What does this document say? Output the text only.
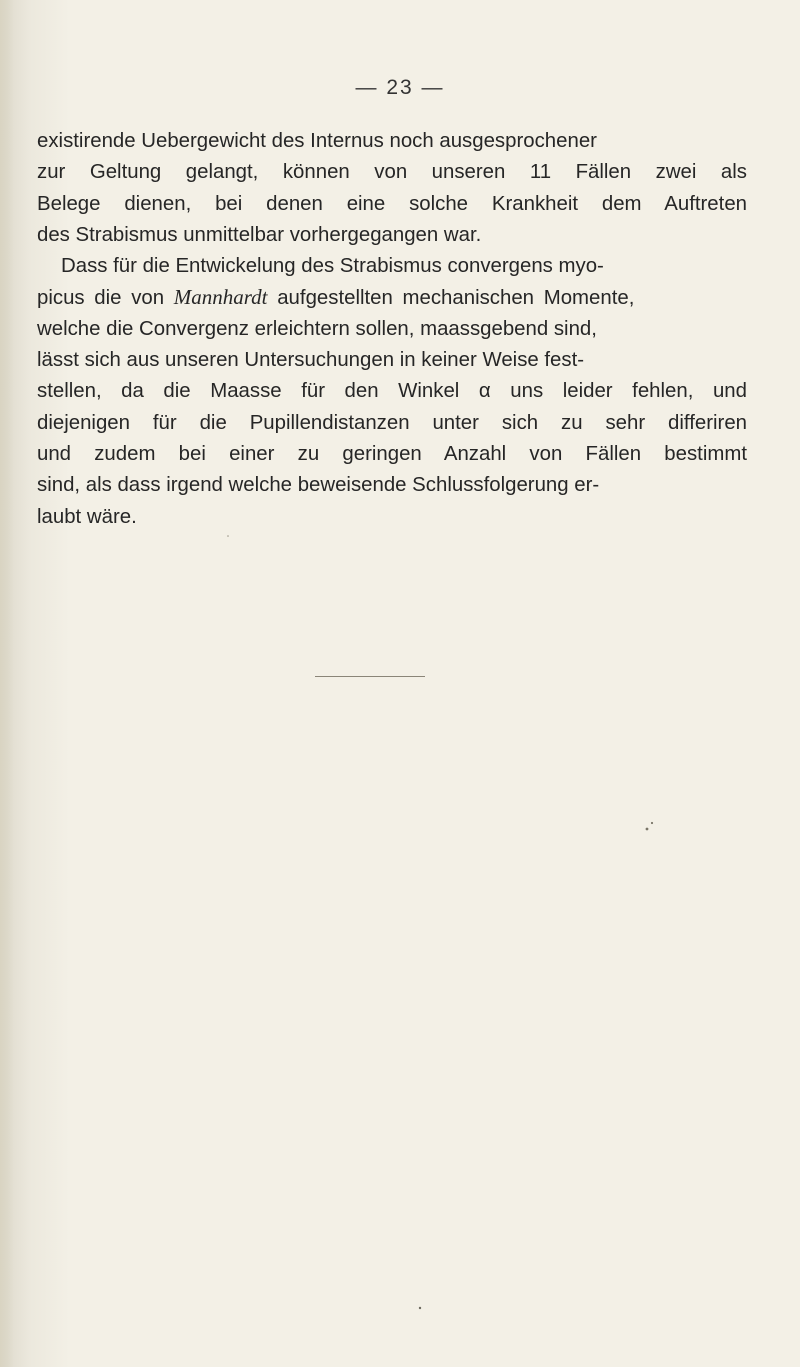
— 23 —
existirende Uebergewicht des Internus noch ausgesprochener
zur Geltung gelangt, können von unseren 11 Fällen zwei als
Belege dienen, bei denen eine solche Krankheit dem Auftreten
des Strabismus unmittelbar vorhergegangen war.
Dass für die Entwickelung des Strabismus convergens myo-
picus die von Mannhardt aufgestellten mechanischen Momente,
welche die Convergenz erleichtern sollen, maassgebend sind,
lässt sich aus unseren Untersuchungen in keiner Weise fest-
stellen, da die Maasse für den Winkel α uns leider fehlen, und
diejenigen für die Pupillendistanzen unter sich zu sehr differiren
und zudem bei einer zu geringen Anzahl von Fällen bestimmt
sind, als dass irgend welche beweisende Schlussfolgerung er-
laubt wäre.
